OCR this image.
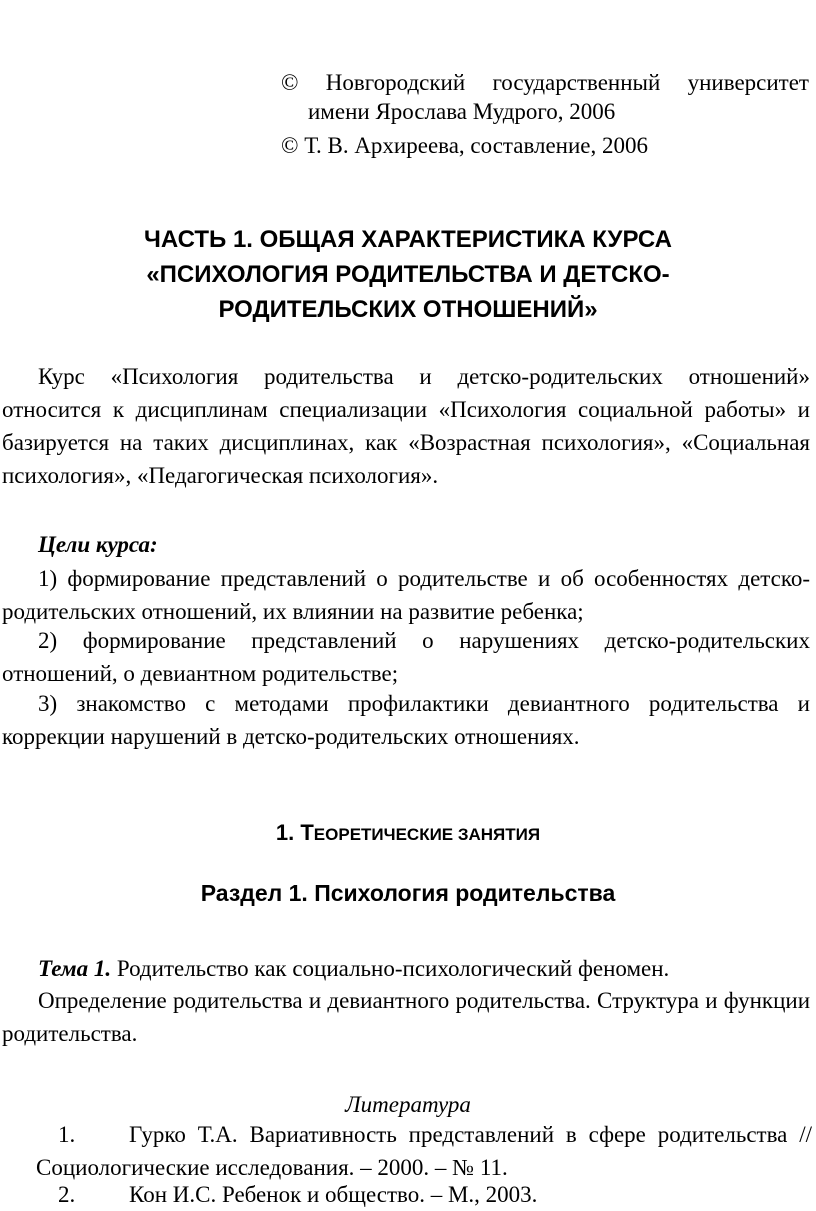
© Новгородский государственный университет
имени Ярослава Мудрого, 2006
© Т. В. Архиреева, составление, 2006
ЧАСТЬ 1. ОБЩАЯ ХАРАКТЕРИСТИКА КУРСА
«ПСИХОЛОГИЯ РОДИТЕЛЬСТВА И ДЕТСКО-
РОДИТЕЛЬСКИХ ОТНОШЕНИЙ»
Курс «Психология родительства и детско-родительских отношений» относится к дисциплинам специализации «Психология социальной работы» и базируется на таких дисциплинах, как «Возрастная психология», «Социальная психология», «Педагогическая психология».
Цели курса:
1) формирование представлений о родительстве и об особенностях детско-родительских отношений, их влиянии на развитие ребенка;
2) формирование представлений о нарушениях детско-родительских отношений, о девиантном родительстве;
3) знакомство с методами профилактики девиантного родительства и коррекции нарушений в детско-родительских отношениях.
1. ТЕОРЕТИЧЕСКИЕ ЗАНЯТИЯ
Раздел 1. Психология родительства
Тема 1. Родительство как социально-психологический феномен.
Определение родительства и девиантного родительства. Структура и функции родительства.
Литература
1. Гурко Т.А. Вариативность представлений в сфере родительства //
Социологические исследования. – 2000. – № 11.
2. Кон И.С. Ребенок и общество. – М., 2003.
